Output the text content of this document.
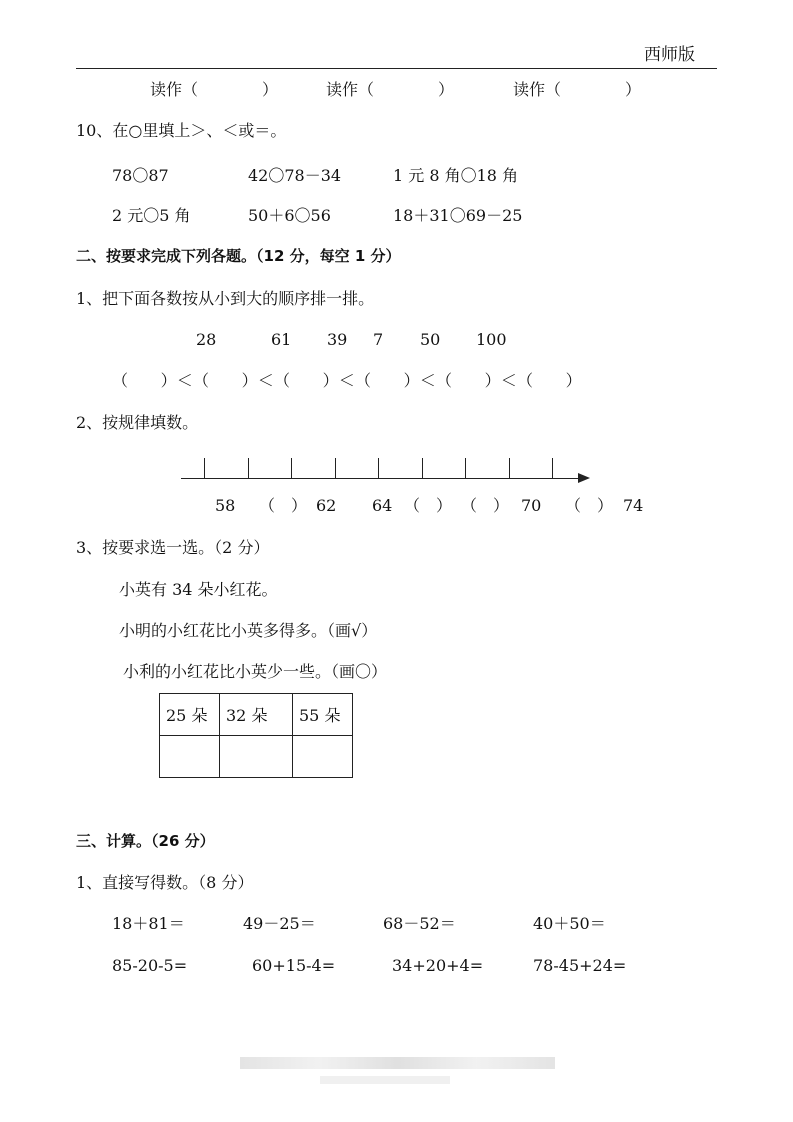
西师版
读作（　　　　）	读作（　　　　）	读作（　　　　）
10、在○里填上＞、＜或＝。
78〇87	42〇78－34	1 元 8 角〇18 角
2 元〇5 角	50＋6〇56	18＋31〇69－25
二、按要求完成下列各题。（12 分，每空 1 分）
1、把下面各数按从小到大的顺序排一排。
28	61 39 7 50 100
（　　）＜（　　）＜（　　）＜（　　）＜（　　）＜（　　）
2、按规律填数。
58 （　） 62 64 （　） （　） 70 （　） 74
3、按要求选一选。（2 分）
小英有 34 朵小红花。
小明的小红花比小英多得多。（画√）
小利的小红花比小英少一些。（画〇）
25 朵	32 朵	55 朵

三、计算。（26 分）
1、直接写得数。（8 分）
18＋81＝	49－25＝	68－52＝	40＋50＝
85-20-5=	60+15-4=	34+20+4=	78-45+24=
